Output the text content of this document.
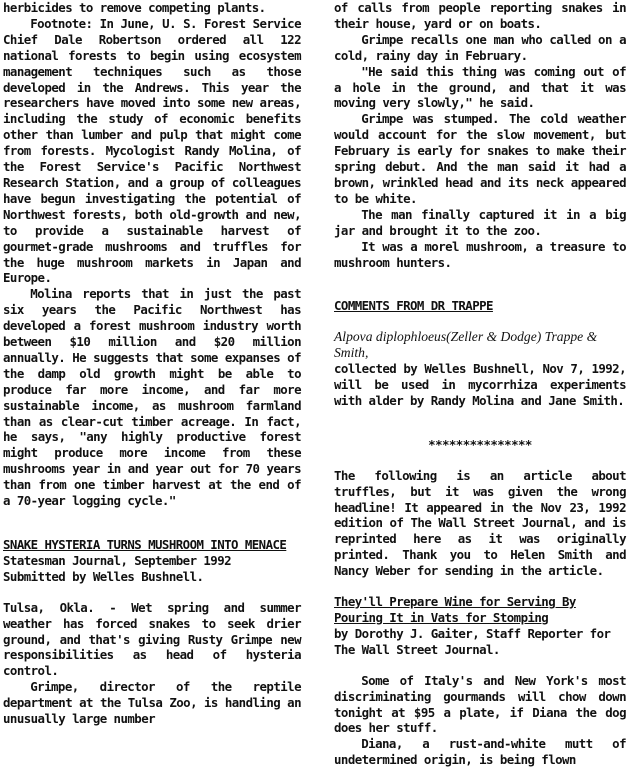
herbicides to remove competing plants.

Footnote: In June, U. S. Forest Service Chief Dale Robertson ordered all 122 national forests to begin using ecosystem management techniques such as those developed in the Andrews. This year the researchers have moved into some new areas, including the study of economic benefits other than lumber and pulp that might come from forests. Mycologist Randy Molina, of the Forest Service's Pacific Northwest Research Station, and a group of colleagues have begun investigating the potential of Northwest forests, both old-growth and new, to provide a sustainable harvest of gourmet-grade mushrooms and truffles for the huge mushroom markets in Japan and Europe.

Molina reports that in just the past six years the Pacific Northwest has developed a forest mushroom industry worth between $10 million and $20 million annually. He suggests that some expanses of the damp old growth might be able to produce far more income, and far more sustainable income, as mushroom farmland than as clear-cut timber acreage. In fact, he says, "any highly productive forest might produce more income from these mushrooms year in and year out for 70 years than from one timber harvest at the end of a 70-year logging cycle."

SNAKE HYSTERIA TURNS MUSHROOM INTO MENACE

Statesman Journal, September 1992

Submitted by Welles Bushnell.

Tulsa, Okla. - Wet spring and summer weather has forced snakes to seek drier ground, and that's giving Rusty Grimpe new responsibilities as head of hysteria control.

Grimpe, director of the reptile department at the Tulsa Zoo, is handling an unusually large number

of calls from people reporting snakes in their house, yard or on boats.

Grimpe recalls one man who called on a cold, rainy day in February.

"He said this thing was coming out of a hole in the ground, and that it was moving very slowly," he said.

Grimpe was stumped. The cold weather would account for the slow movement, but February is early for snakes to make their spring debut. And the man said it had a brown, wrinkled head and its neck appeared to be white.

The man finally captured it in a big jar and brought it to the zoo.

It was a morel mushroom, a treasure to mushroom hunters.

COMMENTS FROM DR TRAPPE

Alpova diplophloeus(Zeller & Dodge) Trappe & Smith,

collected by Welles Bushnell, Nov 7, 1992, will be used in mycorrhiza experiments with alder by Randy Molina and Jane Smith.

***************

The following is an article about truffles, but it was given the wrong headline! It appeared in the Nov 23, 1992 edition of The Wall Street Journal, and is reprinted here as it was originally printed. Thank you to Helen Smith and Nancy Weber for sending in the article.

They'll Prepare Wine for Serving By Pouring It in Vats for Stomping

by Dorothy J. Gaiter, Staff Reporter for The Wall Street Journal.

Some of Italy's and New York's most discriminating gourmands will chow down tonight at $95 a plate, if Diana the dog does her stuff.

Diana, a rust-and-white mutt of undetermined origin, is being flown
